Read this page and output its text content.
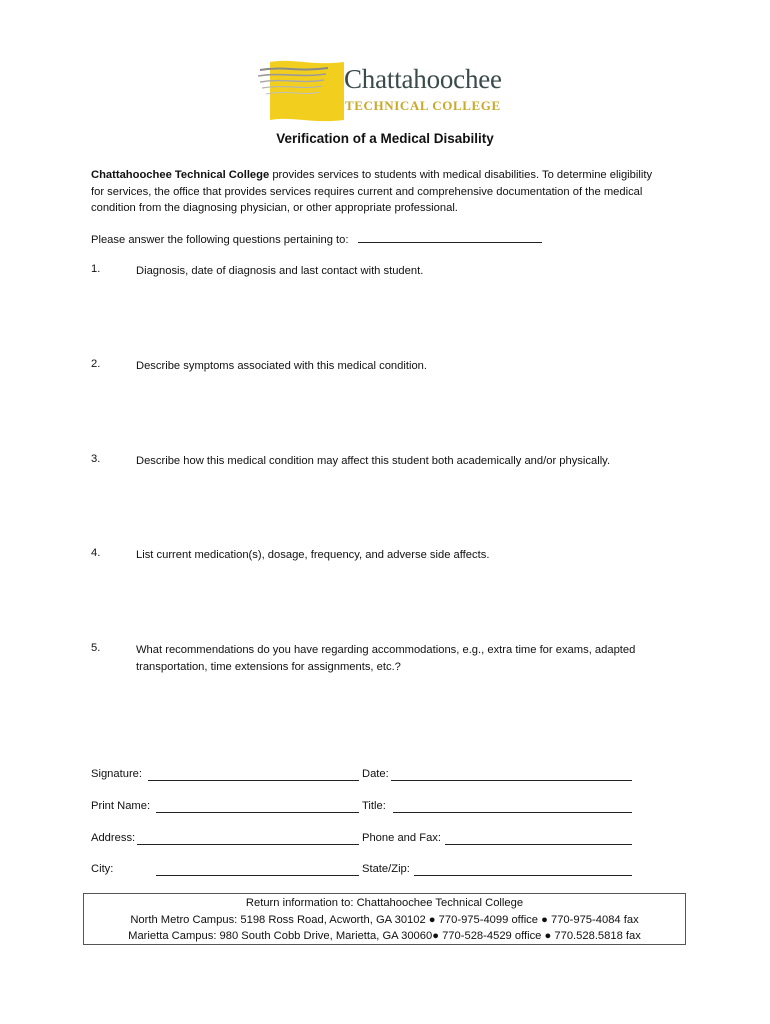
Chattahoochee
TECHNICAL COLLEGE
Verification of a Medical Disability
Chattahoochee Technical College provides services to students with medical disabilities. To determine eligibility
for services, the office that provides services requires current and comprehensive documentation of the medical
condition from the diagnosing physician, or other appropriate professional.
Please answer the following questions pertaining to:
1.	Diagnosis, date of diagnosis and last contact with student.
2.	Describe symptoms associated with this medical condition.
3.	Describe how this medical condition may affect this student both academically and/or physically.
4.	List current medication(s), dosage, frequency, and adverse side affects.
5.	What recommendations do you have regarding accommodations, e.g., extra time for exams, adapted transportation, time extensions for assignments, etc.?
Signature:	Date:
Print Name:	Title:
Address:	Phone and Fax:
City:	State/Zip:
Return information to: Chattahoochee Technical College
North Metro Campus: 5198 Ross Road, Acworth, GA 30102 ● 770-975-4099 office ● 770-975-4084 fax
Marietta Campus: 980 South Cobb Drive, Marietta, GA 30060● 770-528-4529 office ● 770.528.5818 fax
